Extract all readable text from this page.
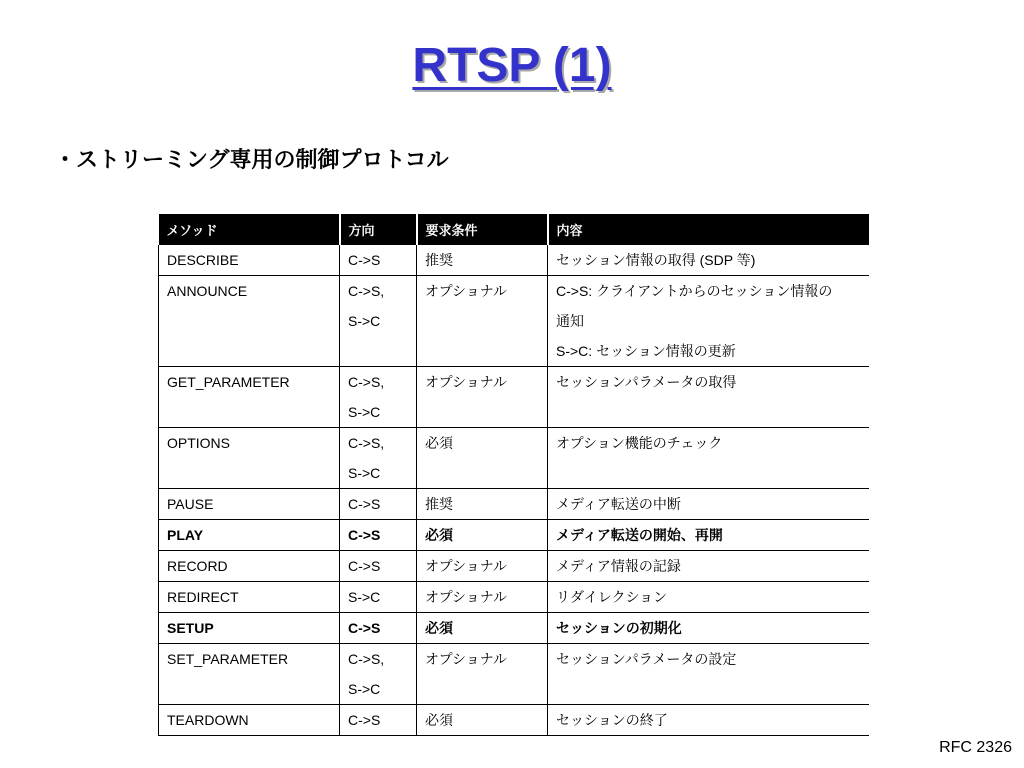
RTSP (1)
・ストリーミング専用の制御プロトコル
メソッド	方向	要求条件	内容
DESCRIBE	C->S	推奨	セッション情報の取得 (SDP 等)

ANNOUNCE	C->S,
S->C	オプショナル	C->S: クライアントからのセッション情報の
通知
S->C: セッション情報の更新

GET_PARAMETER	C->S,
S->C	オプショナル	セッションパラメータの取得

OPTIONS	C->S,
S->C	必須	オプション機能のチェック

PAUSE	C->S	推奨	メディア転送の中断

PLAY	C->S	必須	メディア転送の開始、再開

RECORD	C->S	オプショナル	メディア情報の記録

REDIRECT	S->C	オプショナル	リダイレクション

SETUP	C->S	必須	セッションの初期化

SET_PARAMETER	C->S,
S->C	オプショナル	セッションパラメータの設定

TEARDOWN	C->S	必須	セッションの終了
RFC 2326
